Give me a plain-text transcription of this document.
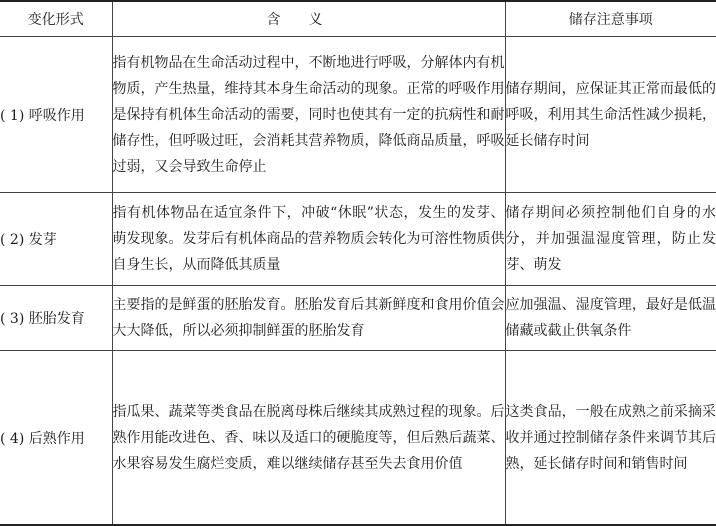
变化形式	含义	储存注意事项
( 1) 呼吸作用	指有机物品在生命活动过程中，不断地进行呼吸，分解体内有机物质，产生热量，维持其本身生命活动的现象。正常的呼吸作用是保持有机体生命活动的需要，同时也使其有一定的抗病性和耐储存性，但呼吸过旺，会消耗其营养物质，降低商品质量，呼吸过弱，又会导致生命停止	储存期间，应保证其正常而最低的呼吸，利用其生命活性减少损耗，延长储存时间
( 2) 发芽	指有机体物品在适宜条件下，冲破“休眠”状态，发生的发芽、萌发现象。发芽后有机体商品的营养物质会转化为可溶性物质供自身生长，从而降低其质量	储存期间必须控制他们自身的水分，并加强温湿度管理，防止发芽、萌发
( 3) 胚胎发育	主要指的是鲜蛋的胚胎发育。胚胎发育后其新鲜度和食用价值会大大降低，所以必须抑制鲜蛋的胚胎发育	应加强温、湿度管理，最好是低温储藏或截止供氧条件
( 4) 后熟作用	指瓜果、蔬菜等类食品在脱离母株后继续其成熟过程的现象。后熟作用能改进色、香、味以及适口的硬脆度等，但后熟后蔬菜、水果容易发生腐烂变质，难以继续储存甚至失去食用价值	这类食品，一般在成熟之前采摘采收并通过控制储存条件来调节其后熟，延长储存时间和销售时间
